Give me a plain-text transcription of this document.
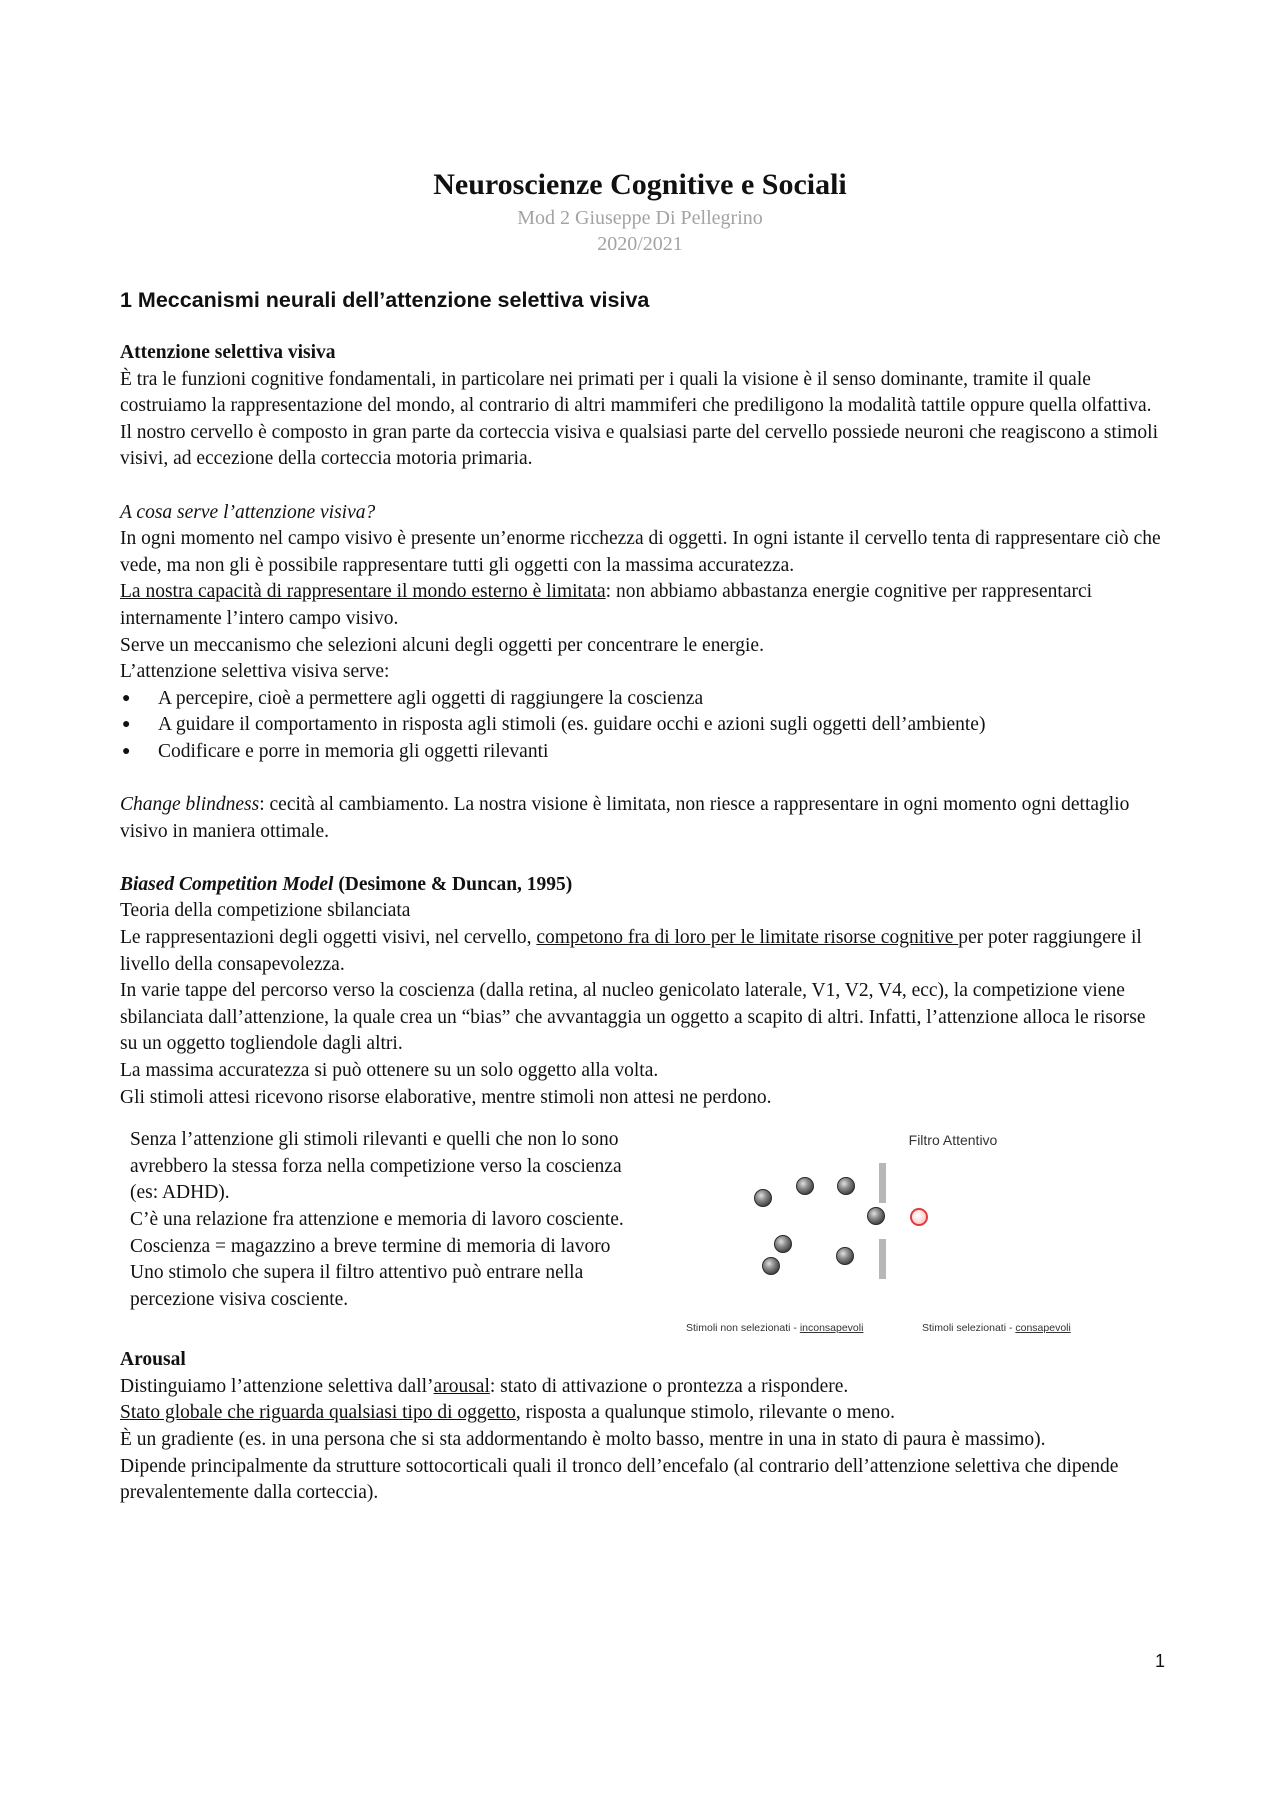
Neuroscienze Cognitive e Sociali
Mod 2 Giuseppe Di Pellegrino
2020/2021
1 Meccanismi neurali dell’attenzione selettiva visiva

Attenzione selettiva visiva

È tra le funzioni cognitive fondamentali, in particolare nei primati per i quali la visione è il senso dominante, tramite il quale costruiamo la rappresentazione del mondo, al contrario di altri mammiferi che prediligono la modalità tattile oppure quella olfattiva.

Il nostro cervello è composto in gran parte da corteccia visiva e qualsiasi parte del cervello possiede neuroni che reagiscono a stimoli visivi, ad eccezione della corteccia motoria primaria.

A cosa serve l’attenzione visiva?

In ogni momento nel campo visivo è presente un’enorme ricchezza di oggetti. In ogni istante il cervello tenta di rappresentare ciò che vede, ma non gli è possibile rappresentare tutti gli oggetti con la massima accuratezza.

La nostra capacità di rappresentare il mondo esterno è limitata: non abbiamo abbastanza energie cognitive per rappresentarci internamente l’intero campo visivo.

Serve un meccanismo che selezioni alcuni degli oggetti per concentrare le energie.

L’attenzione selettiva visiva serve:

● A percepire, cioè a permettere agli oggetti di raggiungere la coscienza
● A guidare il comportamento in risposta agli stimoli (es. guidare occhi e azioni sugli oggetti dell’ambiente)
● Codificare e porre in memoria gli oggetti rilevanti

Change blindness: cecità al cambiamento. La nostra visione è limitata, non riesce a rappresentare in ogni momento ogni dettaglio visivo in maniera ottimale.

Biased Competition Model (Desimone & Duncan, 1995)

Teoria della competizione sbilanciata

Le rappresentazioni degli oggetti visivi, nel cervello, competono fra di loro per le limitate risorse cognitive per poter raggiungere il livello della consapevolezza.

In varie tappe del percorso verso la coscienza (dalla retina, al nucleo genicolato laterale, V1, V2, V4, ecc), la competizione viene sbilanciata dall’attenzione, la quale crea un “bias” che avvantaggia un oggetto a scapito di altri. Infatti, l’attenzione alloca le risorse su un oggetto togliendole dagli altri.

La massima accuratezza si può ottenere su un solo oggetto alla volta.

Gli stimoli attesi ricevono risorse elaborative, mentre stimoli non attesi ne perdono.

Senza l’attenzione gli stimoli rilevanti e quelli che non lo sono avrebbero la stessa forza nella competizione verso la coscienza (es: ADHD).

C’è una relazione fra attenzione e memoria di lavoro cosciente.

Coscienza = magazzino a breve termine di memoria di lavoro

Uno stimolo che supera il filtro attentivo può entrare nella percezione visiva cosciente.

Filtro Attentivo
Stimoli non selezionati - inconsapevoli	Stimoli selezionati - consapevoli

Arousal

Distinguiamo l’attenzione selettiva dall’arousal: stato di attivazione o prontezza a rispondere.

Stato globale che riguarda qualsiasi tipo di oggetto, risposta a qualunque stimolo, rilevante o meno.

È un gradiente (es. in una persona che si sta addormentando è molto basso, mentre in una in stato di paura è massimo).

Dipende principalmente da strutture sottocorticali quali il tronco dell’encefalo (al contrario dell’attenzione selettiva che dipende prevalentemente dalla corteccia).

1
